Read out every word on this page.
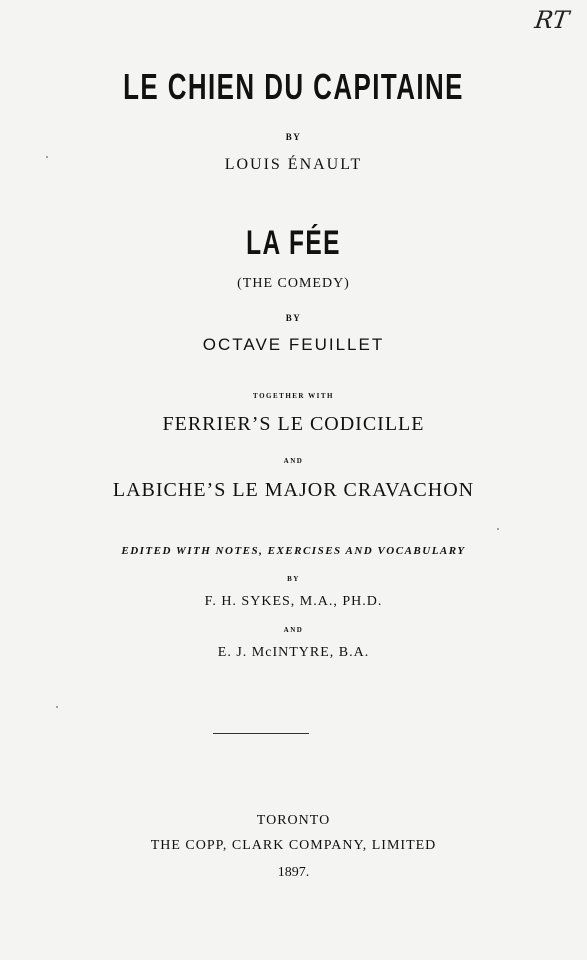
RT
LE CHIEN DU CAPITAINE
BY
LOUIS ÉNAULT
LA FÉE
(THE COMEDY)
BY
OCTAVE FEUILLET
TOGETHER WITH
FERRIER’S LE CODICILLE
AND
LABICHE’S LE MAJOR CRAVACHON
EDITED WITH NOTES, EXERCISES AND VOCABULARY
BY
F. H. SYKES, M.A., PH.D.
AND
E. J. McINTYRE, B.A.
TORONTO
THE COPP, CLARK COMPANY, LIMITED
1897.
